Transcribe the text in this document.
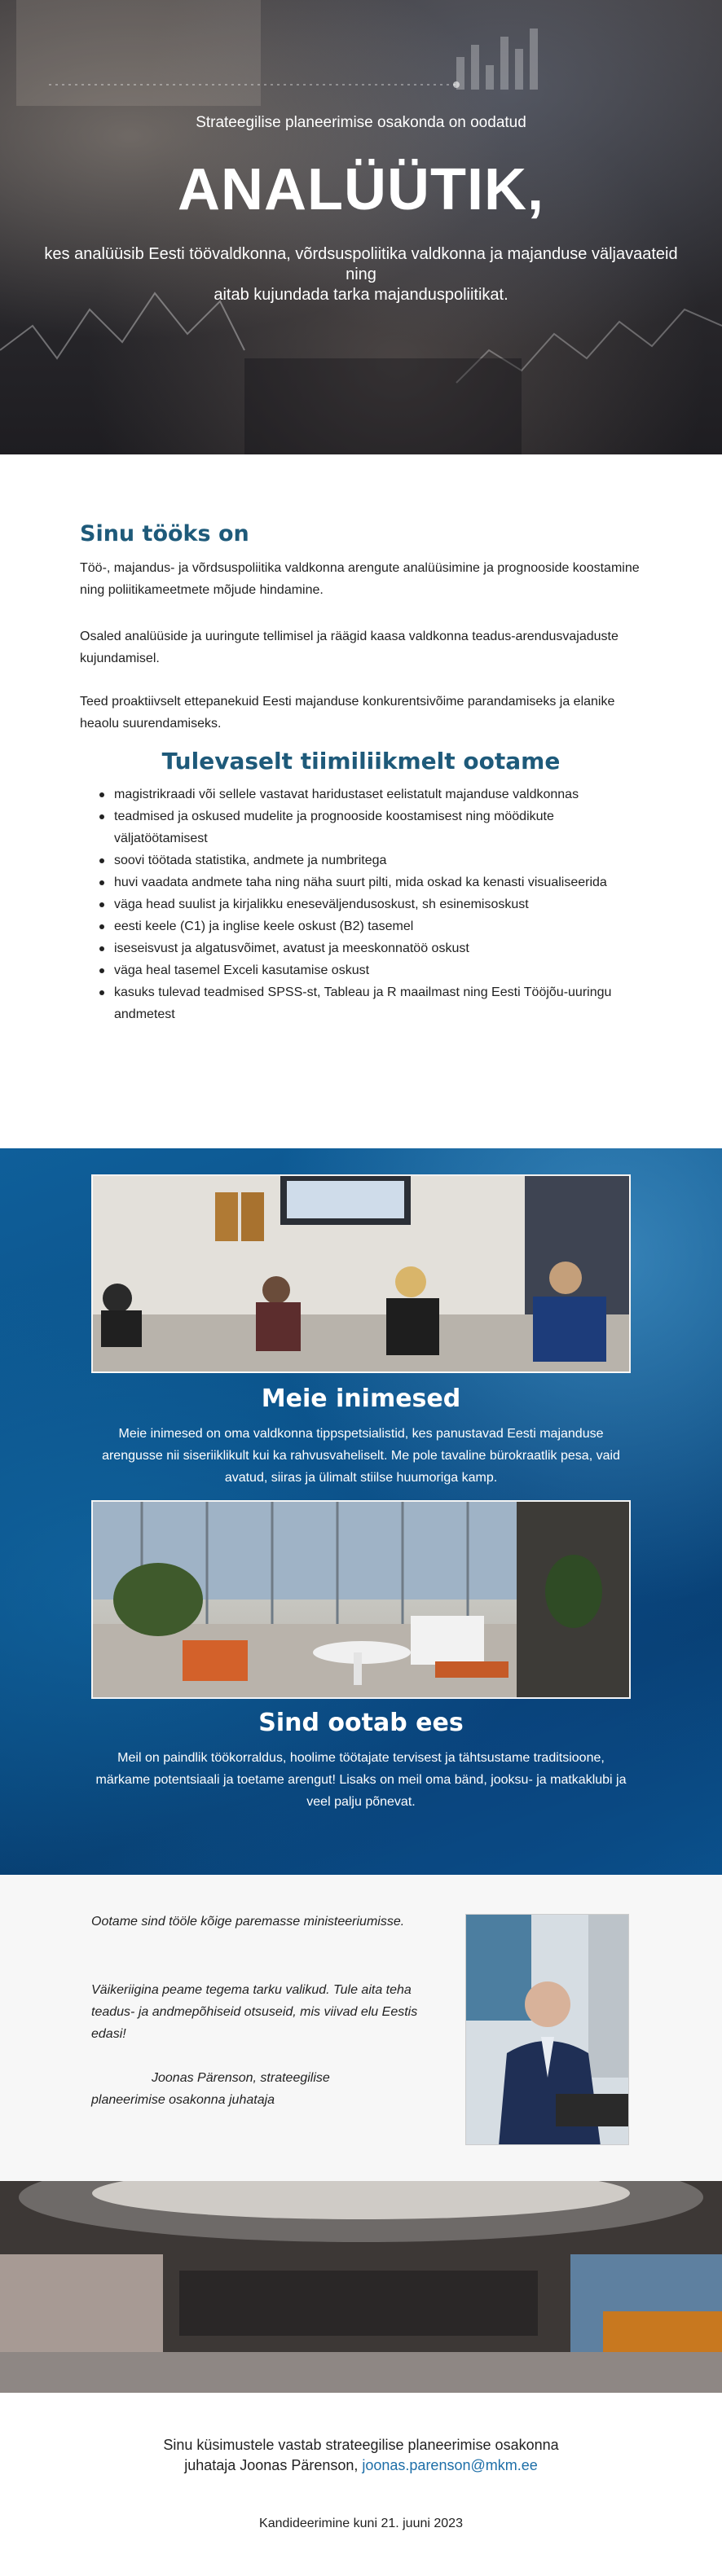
Strateegilise planeerimise osakonda on oodatud
ANALÜÜTIK,
kes analüüsib Eesti töövaldkonna, võrdsuspoliitika valdkonna ja majanduse väljavaateid ning
aitab kujundada tarka majanduspoliitikat.
Sinu tööks on

Töö-, majandus- ja võrdsuspoliitika valdkonna arengute analüüsimine ja prognooside koostamine ning poliitikameetmete mõjude hindamine.

Osaled analüüside ja uuringute tellimisel ja räägid kaasa valdkonna teadus-arendusvajaduste kujundamisel.

Teed proaktiivselt ettepanekuid Eesti majanduse konkurentsivõime parandamiseks ja elanike heaolu suurendamiseks.

Tulevaselt tiimiliikmelt ootame
magistrikraadi või sellele vastavat haridustaset eelistatult majanduse valdkonnas
teadmised ja oskused mudelite ja prognooside koostamisest ning möödikute väljatöötamisest
soovi töötada statistika, andmete ja numbritega
huvi vaadata andmete taha ning näha suurt pilti, mida oskad ka kenasti visualiseerida
väga head suulist ja kirjalikku eneseväljendusoskust, sh esinemisoskust
eesti keele (C1) ja inglise keele oskust (B2) tasemel
iseseisvust ja algatusvõimet, avatust ja meeskonnatöö oskust
väga heal tasemel Exceli kasutamise oskust
kasuks tulevad teadmised SPSS-st, Tableau ja R maailmast ning Eesti Tööjõu-uuringu andmetest
Meie inimesed
Meie inimesed on oma valdkonna tippspetsialistid, kes panustavad Eesti majanduse arengusse nii siseriiklikult kui ka rahvusvaheliselt. Me pole tavaline bürokraatlik pesa, vaid avatud, siiras ja ülimalt stiilse huumoriga kamp.
Sind ootab ees
Meil on paindlik töökorraldus, hoolime töötajate tervisest ja tähtsustame traditsioone, märkame potentsiaali ja toetame arengut! Lisaks on meil oma bänd, jooksu- ja matkaklubi ja
veel palju põnevat.
Ootame sind tööle kõige paremasse ministeeriumisse.
Väikeriigina peame tegema tarku valikud. Tule aita teha teadus- ja andmepõhiseid otsuseid, mis viivad elu Eestis edasi!
Joonas Pärenson, strateegilise
planeerimise osakonna juhataja
Sinu küsimustele vastab strateegilise planeerimise osakonna
juhataja Joonas Pärenson, joonas.parenson@mkm.ee
Kandideerimine kuni 21. juuni 2023
